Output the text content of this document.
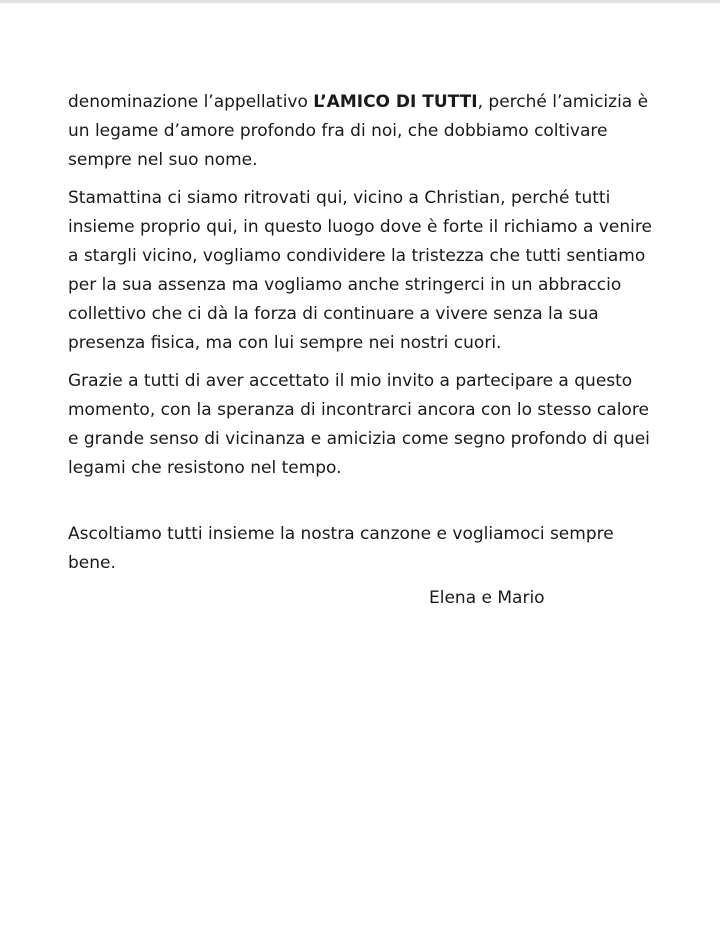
denominazione l’appellativo L’AMICO DI TUTTI, perché l’amicizia è un legame d’amore profondo fra di noi, che dobbiamo coltivare sempre nel suo nome.

Stamattina ci siamo ritrovati qui, vicino a Christian, perché tutti insieme proprio qui, in questo luogo dove è forte il richiamo a venire a stargli vicino, vogliamo condividere la tristezza che tutti sentiamo per la sua assenza ma vogliamo anche stringerci in un abbraccio collettivo che ci dà la forza di continuare a vivere senza la sua presenza fisica, ma con lui sempre nei nostri cuori.

Grazie a tutti di aver accettato il mio invito a partecipare a questo momento, con la speranza di incontrarci ancora con lo stesso calore e grande senso di vicinanza e amicizia come segno profondo di quei legami che resistono nel tempo.

Ascoltiamo tutti insieme la nostra canzone e vogliamoci sempre bene.

Elena e Mario
